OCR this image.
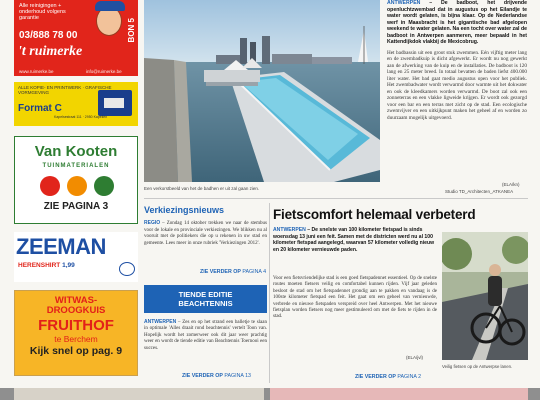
Alle reinigingen + onderhoud volgens garantie
03/888 78 00
't ruimerke
BON 5
www.ruimerke.be	info@ruimerke.be
ALLE KOPIE- EN PRINTWERK · GRAFISCHE VORMGEVING
Format C
Kapelsestraat 111 · 2950 Kapellen
Van Kooten
TUINMATERIALEN
ZIE PAGINA 3
ZEEMAN
HERENSHIRT 1,99
WITWAS-
DROOGKUIS
FRUITHOF
te Berchem
Kijk snel op pag. 9
Een verkorstbeeld van het de badhen er uit zal gaan zien.
ANTWERPEN – De badboot, het drijvende openluchtzwembad dat in augustus op het Eilandje te water wordt gelaten, is bijna klaar. Op de Nederlandse werf in Maasbracht is het gigantische bad afgelopen weekend te water gelaten. Na een tocht over water zal de badboot in Antwerpen aanmeren, meer bepaald in het Kattendijkdok vlakbij de Mexicobrug.
Het badbassin uit een groot stuk zwemmen. Eén vijftig meter lang en de zwembadkuip is dicht afgewerkt. Er wordt nu nog gewerkt aan de afwerking van de kuip en de installaties. De badboot is 120 lang en 25 meter breed. In totaal bevatten de baden liefst 400.000 liter water. Het bad gaat medio augustus open voor het publiek. Het zwembadwater wordt verwarmd door warmte uit het dokwater en ook de kleedkamers worden verwarmd. De boot zal ook een zonneterras en een vlakke ligweide krijgen. Er wordt ook gezorgd voor een bar en een terras met zicht op de stad. Een ecologische zwemvijver en een uitkijkpunt maken het geheel af en worden zo duurzaam mogelijk uitgevoerd.
(ELA/kn)
Studio TD_Architecten_ATKANEA
Verkiezingsnieuws
REGIO – Zondag 14 oktober trekken we naar de stembus voor de lokale en provinciale verkiezingen. We blikken nu al vooruit met de politiekers die op u rekenen in uw stad en gemeente. Lees meer in onze rubriek 'Verkiezingen 2012'.
ZIE VERDER OP PAGINA 4
TIENDE EDITIE
BEACHTENNIS
ANTWERPEN – Zes en op het strand een balletje te slaan in optimale 'Alles draait rond beachtennis' vertelt Toon van. Hopelijk wordt het zomerweer ook dit jaar weer prachtig weer en wordt de tiende editie van Beachtennis Toernooi een succes.
ZIE VERDER OP PAGINA 13
Fietscomfort helemaal verbeterd
ANTWERPEN – De snelste van 100 kilometer fietspad is sinds woensdag 13 juni een feit. Samen met de districten werd nu al 100 kilometer fietspad aangelegd, waarvan 57 kilometer volledig nieuw en 20 kilometer vernieuwde paden.
Voor een fietsvriendelijke stad is een goed fietspadennet essentieel. Op de snelste routes moeten fietsers veilig en comfortabel kunnen rijden. Vijf jaar geleden besloot de stad om het fietspadennet grondig aan te pakken en vandaag is de 100ste kilometer fietspad een feit. Het gaat om een geheel van vernieuwde, verbrede en nieuwe fietspaden verspreid over heel Antwerpen. Met het nieuwe fietsplan worden fietsers nog meer gestimuleerd om met de fiets te rijden in de stad.
(ELA/jvl)
ZIE VERDER OP PAGINA 2
Veilig fietsen op de Antwerpse lanen.
